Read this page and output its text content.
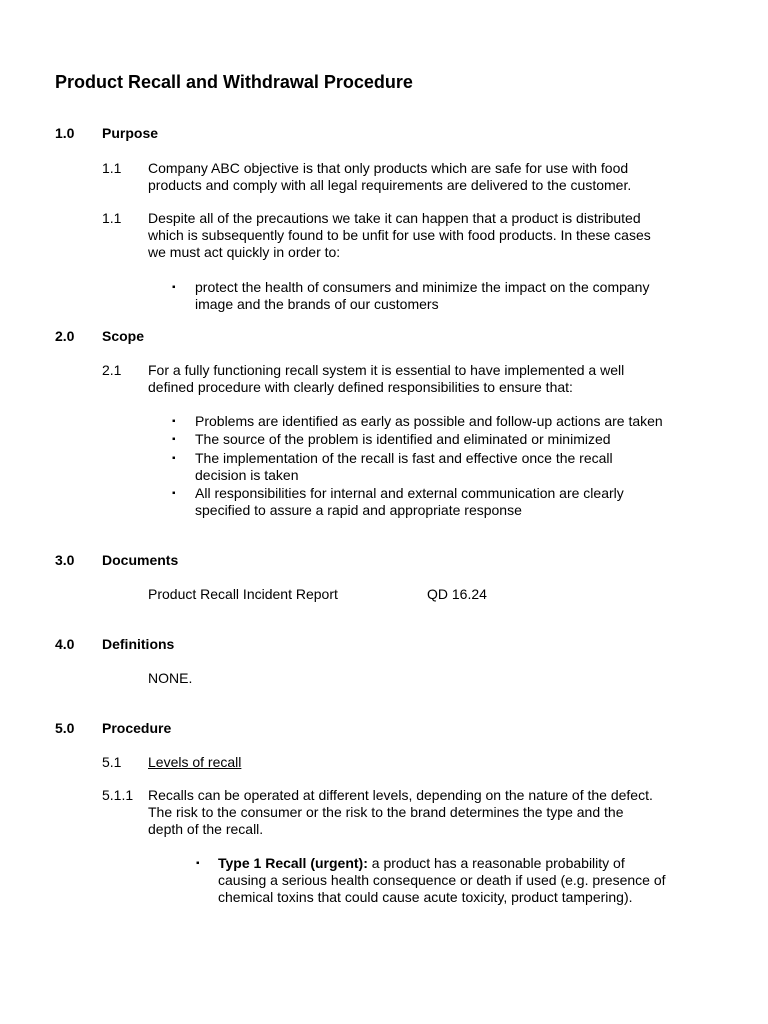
Product Recall and Withdrawal Procedure
1.0 Purpose
1.1 Company ABC objective is that only products which are safe for use with food

products and comply with all legal requirements are delivered to the customer.

1.1 Despite all of the precautions we take it can happen that a product is distributed

which is subsequently found to be unfit for use with food products. In these cases

we must act quickly in order to:

▪ protect the health of consumers and minimize the impact on the company

image and the brands of our customers

2.0 Scope
2.1 For a fully functioning recall system it is essential to have implemented a well

defined procedure with clearly defined responsibilities to ensure that:

▪ Problems are identified as early as possible and follow-up actions are taken

▪ The source of the problem is identified and eliminated or minimized

▪ The implementation of the recall is fast and effective once the recall

decision is taken

▪ All responsibilities for internal and external communication are clearly

specified to assure a rapid and appropriate response

3.0 Documents
Product Recall Incident Report	QD 16.24
4.0 Definitions
NONE.
5.0 Procedure
5.1 Levels of recall
5.1.1 Recalls can be operated at different levels, depending on the nature of the defect.

The risk to the consumer or the risk to the brand determines the type and the

depth of the recall.

▪ Type 1 Recall (urgent): a product has a reasonable probability of

causing a serious health consequence or death if used (e.g. presence of

chemical toxins that could cause acute toxicity, product tampering).
